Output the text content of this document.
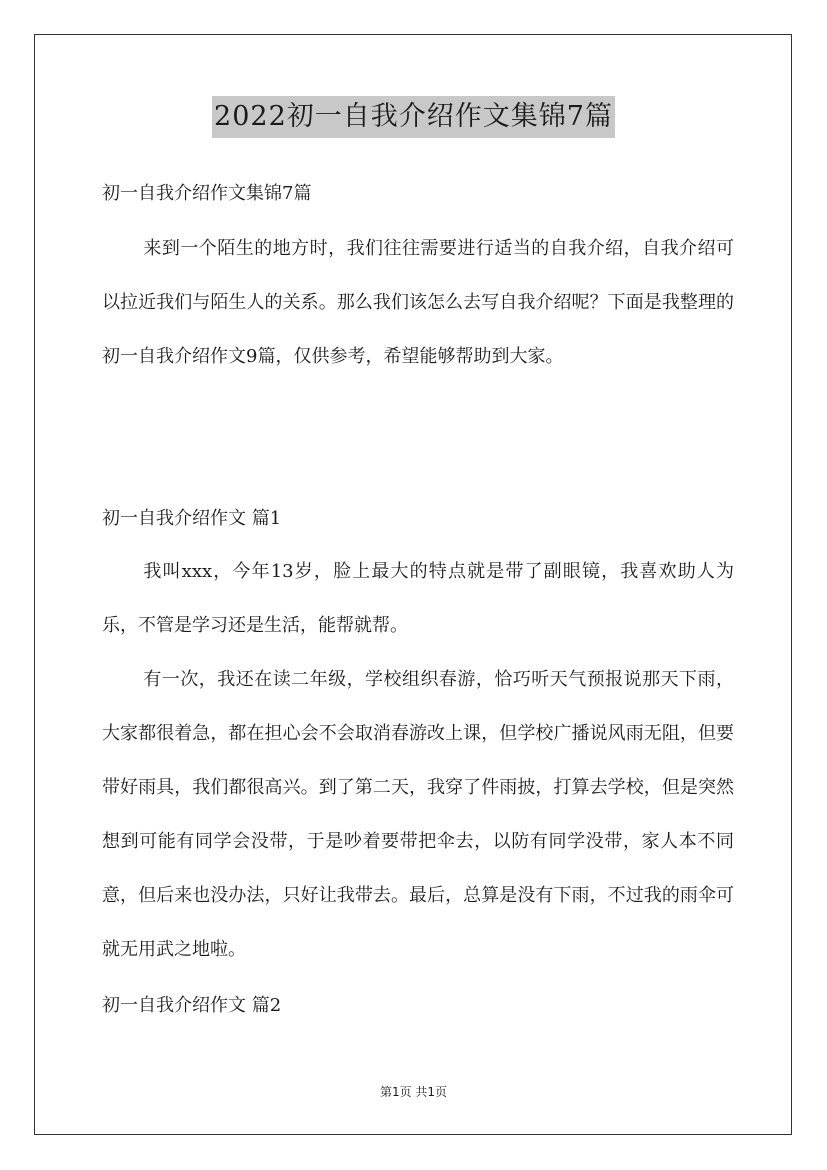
2022初一自我介绍作文集锦7篇
初一自我介绍作文集锦7篇
来到一个陌生的地方时，我们往往需要进行适当的自我介绍，自我介绍可以拉近我们与陌生人的关系。那么我们该怎么去写自我介绍呢？下面是我整理的初一自我介绍作文9篇，仅供参考，希望能够帮助到大家。
初一自我介绍作文 篇1
我叫xxx，今年13岁，脸上最大的特点就是带了副眼镜，我喜欢助人为乐，不管是学习还是生活，能帮就帮。
有一次，我还在读二年级，学校组织春游，恰巧听天气预报说那天下雨，大家都很着急，都在担心会不会取消春游改上课，但学校广播说风雨无阻，但要带好雨具，我们都很高兴。到了第二天，我穿了件雨披，打算去学校，但是突然想到可能有同学会没带，于是吵着要带把伞去，以防有同学没带，家人本不同意，但后来也没办法，只好让我带去。最后，总算是没有下雨，不过我的雨伞可就无用武之地啦。
初一自我介绍作文 篇2
第1页 共1页
